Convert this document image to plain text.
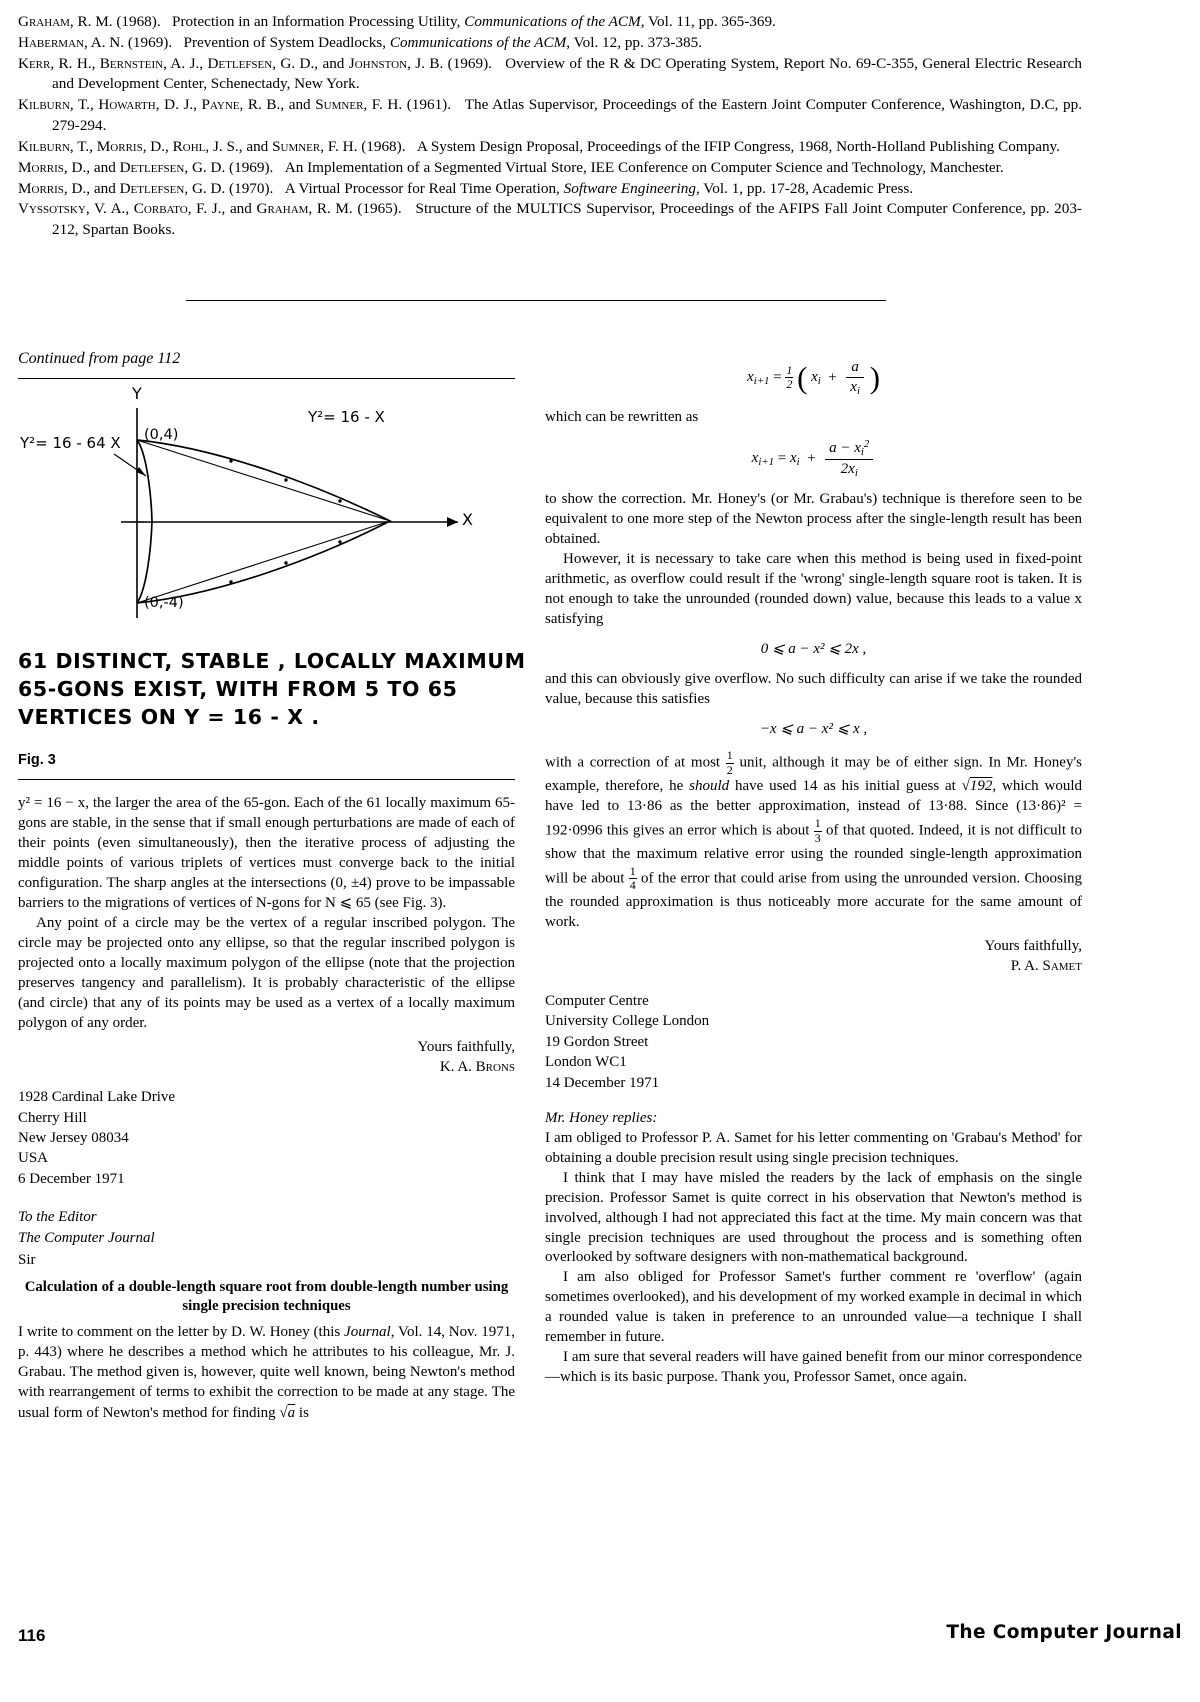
Graham, R. M. (1968).   Protection in an Information Processing Utility, Communications of the ACM, Vol. 11, pp. 365-369.

Haberman, A. N. (1969).   Prevention of System Deadlocks, Communications of the ACM, Vol. 12, pp. 373-385.

Kerr, R. H., Bernstein, A. J., Detlefsen, G. D., and Johnston, J. B. (1969).   Overview of the R & DC Operating System, Report No. 69-C-355, General Electric Research and Development Center, Schenectady, New York.

Kilburn, T., Howarth, D. J., Payne, R. B., and Sumner, F. H. (1961).   The Atlas Supervisor, Proceedings of the Eastern Joint Computer Conference, Washington, D.C, pp. 279-294.

Kilburn, T., Morris, D., Rohl, J. S., and Sumner, F. H. (1968).   A System Design Proposal, Proceedings of the IFIP Congress, 1968, North-Holland Publishing Company.

Morris, D., and Detlefsen, G. D. (1969).   An Implementation of a Segmented Virtual Store, IEE Conference on Computer Science and Technology, Manchester.

Morris, D., and Detlefsen, G. D. (1970).   A Virtual Processor for Real Time Operation, Software Engineering, Vol. 1, pp. 17-28, Academic Press.

Vyssotsky, V. A., Corbato, F. J., and Graham, R. M. (1965).   Structure of the MULTICS Supervisor, Proceedings of the AFIPS Fall Joint Computer Conference, pp. 203-212, Spartan Books.

Continued from page 112

Y
X
Y²= 16 - 64 X
Y²= 16 - X
(0,4)
(0,-4)
61 DISTINCT, STABLE , LOCALLY MAXIMUM 65-GONS EXIST, WITH FROM 5 TO 65 VERTICES ON Y = 16 - X .
Fig. 3

y² = 16 − x, the larger the area of the 65-gon. Each of the 61 locally maximum 65-gons are stable, in the sense that if small enough perturbations are made of each of their points (even simultaneously), then the iterative process of adjusting the middle points of various triplets of vertices must converge back to the initial configuration. The sharp angles at the intersections (0, ±4) prove to be impassable barriers to the migrations of vertices of N-gons for N ⩽ 65 (see Fig. 3).

Any point of a circle may be the vertex of a regular inscribed polygon. The circle may be projected onto any ellipse, so that the regular inscribed polygon is projected onto a locally maximum polygon of the ellipse (note that the projection preserves tangency and parallelism). It is probably characteristic of the ellipse (and circle) that any of its points may be used as a vertex of a locally maximum polygon of any order.

Yours faithfully,
K. A. Brons
1928 Cardinal Lake Drive
Cherry Hill
New Jersey 08034
USA
6 December 1971
To the Editor
The Computer Journal
Sir
Calculation of a double-length square root from double-length number using single precision techniques

I write to comment on the letter by D. W. Honey (this Journal, Vol. 14, Nov. 1971, p. 443) where he describes a method which he attributes to his colleague, Mr. J. Grabau. The method given is, however, quite well known, being Newton's method with rearrangement of terms to exhibit the correction to be made at any stage. The usual form of Newton's method for finding √a is

$x_{i+1} = \frac{1}{2}$ ( $x_i + \frac{a}{x_i}$ )

which can be rewritten as

$x_{i+1} = x_i + \frac{a - x_i^2}{2x_i}$

to show the correction. Mr. Honey's (or Mr. Grabau's) technique is therefore seen to be equivalent to one more step of the Newton process after the single-length result has been obtained.

However, it is necessary to take care when this method is being used in fixed-point arithmetic, as overflow could result if the 'wrong' single-length square root is taken. It is not enough to take the unrounded (rounded down) value, because this leads to a value x satisfying

0 ⩽ a − x² ⩽ 2x ,

and this can obviously give overflow. No such difficulty can arise if we take the rounded value, because this satisfies

−x ⩽ a − x² ⩽ x ,

with a correction of at most $\frac{1}{2}$ unit, although it may be of either sign. In Mr. Honey's example, therefore, he should have used 14 as his initial guess at √192, which would have led to 13·86 as the better approximation, instead of 13·88. Since (13·86)² = 192·0996 this gives an error which is about $\frac{1}{3}$ of that quoted. Indeed, it is not difficult to show that the maximum relative error using the rounded single-length approximation will be about $\frac{1}{4}$ of the error that could arise from using the unrounded version. Choosing the rounded approximation is thus noticeably more accurate for the same amount of work.

Yours faithfully,
P. A. Samet
Computer Centre
University College London
19 Gordon Street
London WC1
14 December 1971
Mr. Honey replies:

I am obliged to Professor P. A. Samet for his letter commenting on 'Grabau's Method' for obtaining a double precision result using single precision techniques.

I think that I may have misled the readers by the lack of emphasis on the single precision. Professor Samet is quite correct in his observation that Newton's method is involved, although I had not appreciated this fact at the time. My main concern was that single precision techniques are used throughout the process and is something often overlooked by software designers with non-mathematical background.

I am also obliged for Professor Samet's further comment re 'overflow' (again sometimes overlooked), and his development of my worked example in decimal in which a rounded value is taken in preference to an unrounded value—a technique I shall remember in future.

I am sure that several readers will have gained benefit from our minor correspondence—which is its basic purpose. Thank you, Professor Samet, once again.

116	The Computer Journal
